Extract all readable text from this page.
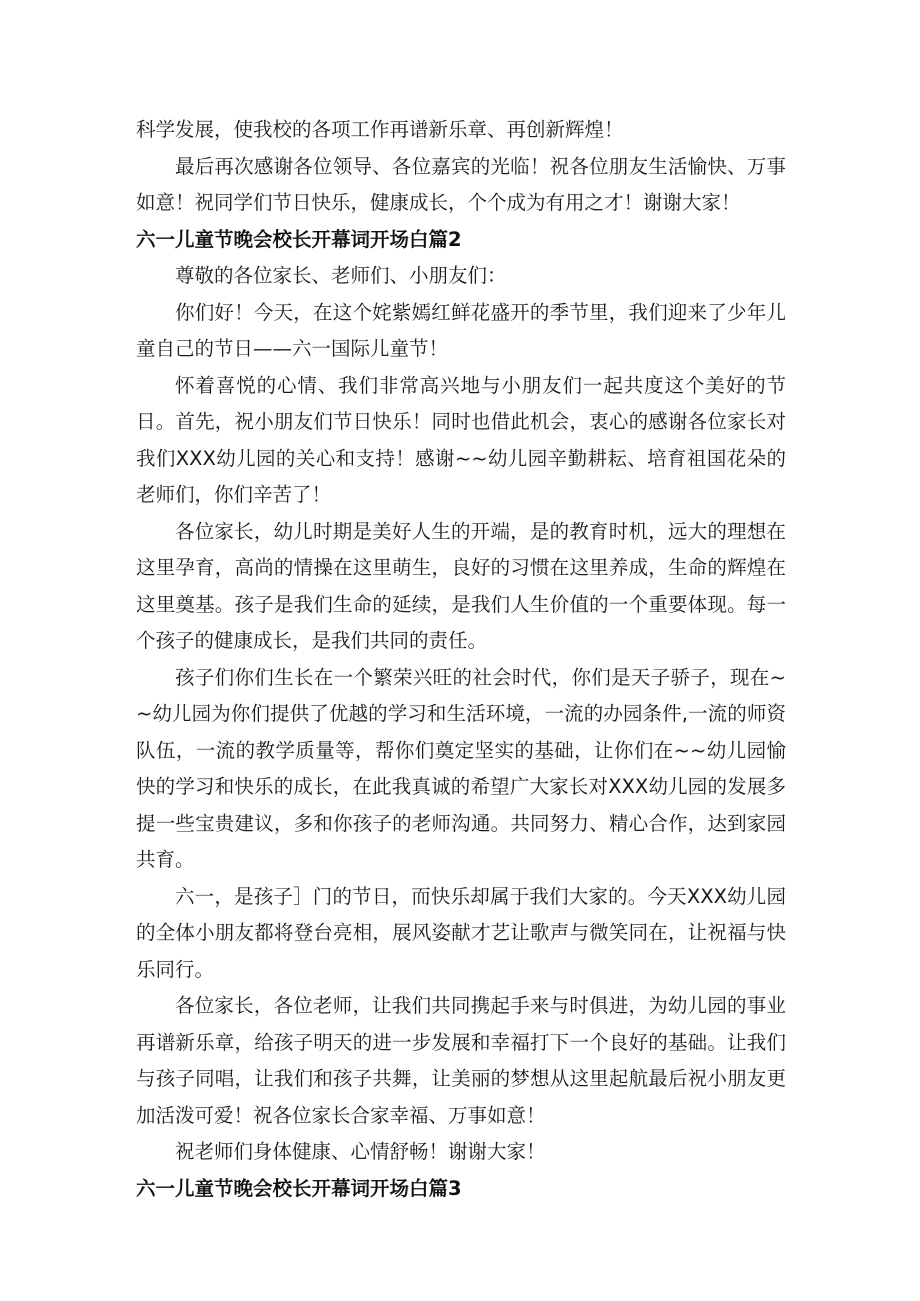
科学发展，使我校的各项工作再谱新乐章、再创新辉煌！

最后再次感谢各位领导、各位嘉宾的光临！祝各位朋友生活愉快、万事如意！祝同学们节日快乐，健康成长，个个成为有用之才！谢谢大家！

六一儿童节晚会校长开幕词开场白篇2

尊敬的各位家长、老师们、小朋友们：

你们好！今天，在这个姹紫嫣红鲜花盛开的季节里，我们迎来了少年儿童自己的节日——六一国际儿童节！

怀着喜悦的心情、我们非常高兴地与小朋友们一起共度这个美好的节日。首先，祝小朋友们节日快乐！同时也借此机会，衷心的感谢各位家长对我们XXX幼儿园的关心和支持！感谢~~幼儿园辛勤耕耘、培育祖国花朵的老师们，你们辛苦了！

各位家长，幼儿时期是美好人生的开端，是的教育时机，远大的理想在这里孕育，高尚的情操在这里萌生，良好的习惯在这里养成，生命的辉煌在这里奠基。孩子是我们生命的延续，是我们人生价值的一个重要体现。每一个孩子的健康成长，是我们共同的责任。

孩子们你们生长在一个繁荣兴旺的社会时代，你们是天子骄子，现在~~幼儿园为你们提供了优越的学习和生活环境，一流的办园条件,一流的师资队伍，一流的教学质量等，帮你们奠定坚实的基础，让你们在~~幼儿园愉快的学习和快乐的成长，在此我真诚的希望广大家长对XXX幼儿园的发展多提一些宝贵建议，多和你孩子的老师沟通。共同努力、精心合作，达到家园共育。

六一，是孩子］门的节日，而快乐却属于我们大家的。今天XXX幼儿园的全体小朋友都将登台亮相，展风姿献才艺让歌声与微笑同在，让祝福与快乐同行。

各位家长，各位老师，让我们共同携起手来与时俱进，为幼儿园的事业再谱新乐章，给孩子明天的进一步发展和幸福打下一个良好的基础。让我们与孩子同唱，让我们和孩子共舞，让美丽的梦想从这里起航最后祝小朋友更加活泼可爱！祝各位家长合家幸福、万事如意！

祝老师们身体健康、心情舒畅！谢谢大家！

六一儿童节晚会校长开幕词开场白篇3
